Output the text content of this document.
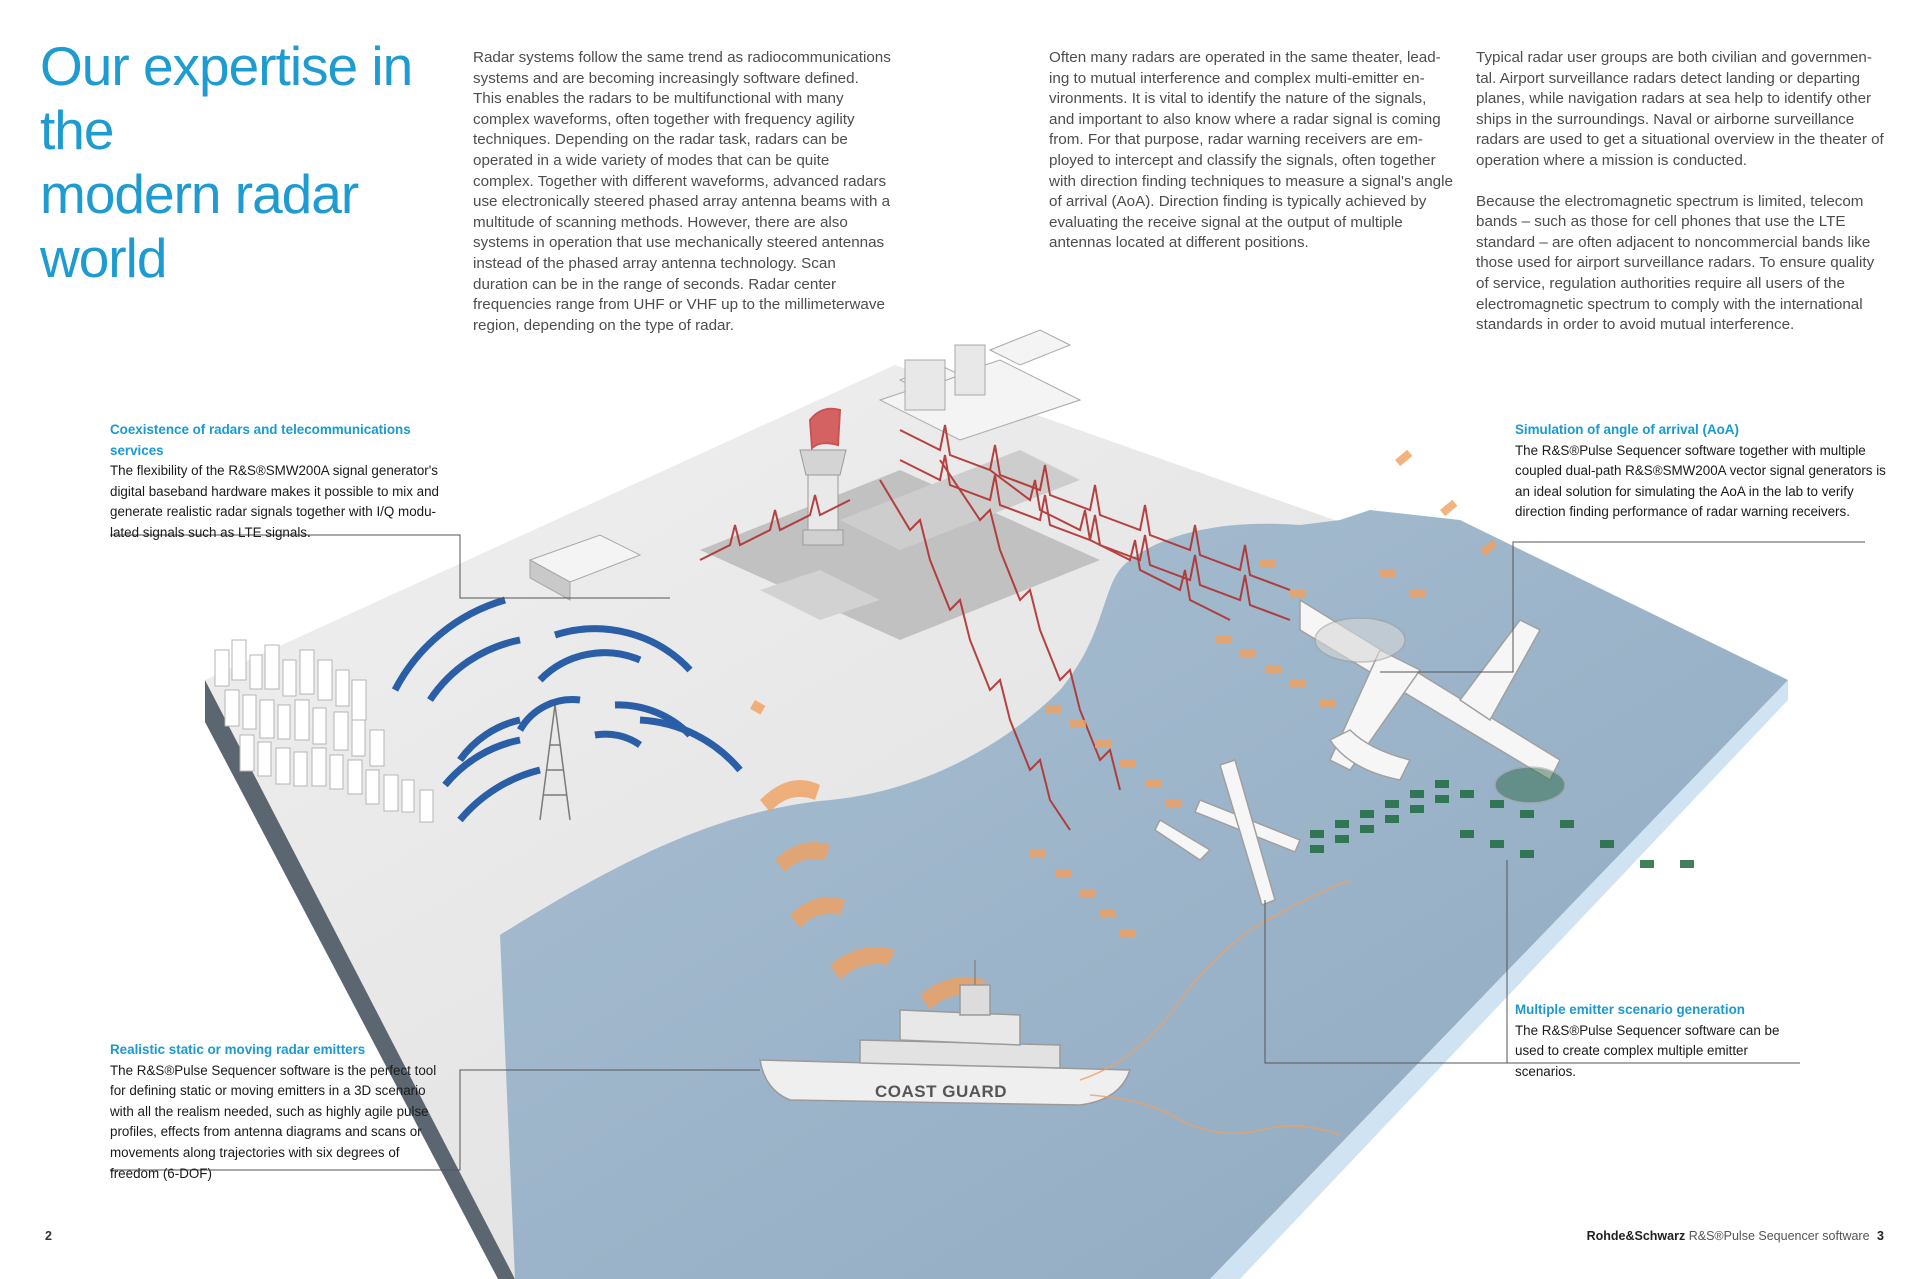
Our expertise in the
modern radar world

Radar systems follow the same trend as radiocommunications systems and are becoming increasingly software defined. This enables the radars to be multifunctional with many complex waveforms, often together with frequency agility techniques. Depending on the radar task, radars can be operated in a wide variety of modes that can be quite complex. Together with different waveforms, advanced radars use electronically steered phased array antenna beams with a multitude of scanning methods. However, there are also systems in operation that use mechanically steered antennas instead of the phased array antenna technology. Scan duration can be in the range of seconds. Radar center frequencies range from UHF or VHF up to the millimeterwave region, depending on the type of radar.

Often many radars are operated in the same theater, leading to mutual interference and complex multi-emitter environments. It is vital to identify the nature of the signals, and important to also know where a radar signal is coming from. For that purpose, radar warning receivers are employed to intercept and classify the signals, often together with direction finding techniques to measure a signal's angle of arrival (AoA). Direction finding is typically achieved by evaluating the receive signal at the output of multiple antennas located at different positions.

Typical radar user groups are both civilian and governmental. Airport surveillance radars detect landing or departing planes, while navigation radars at sea help to identify other ships in the surroundings. Naval or airborne surveillance radars are used to get a situational overview in the theater of operation where a mission is conducted.

Because the electromagnetic spectrum is limited, telecom bands – such as those for cell phones that use the LTE standard – are often adjacent to noncommercial bands like those used for airport surveillance radars. To ensure quality of service, regulation authorities require all users of the electromagnetic spectrum to comply with the international standards in order to avoid mutual interference.

COAST GUARD
Coexistence of radars and telecommunications services
The flexibility of the R&S®SMW200A signal generator's digital baseband hardware makes it possible to mix and generate realistic radar signals together with I/Q modulated signals such as LTE signals.
Simulation of angle of arrival (AoA)
The R&S®Pulse Sequencer software together with multiple coupled dual-path R&S®SMW200A vector signal generators is an ideal solution for simulating the AoA in the lab to verify direction finding performance of radar warning receivers.
Multiple emitter scenario generation
The R&S®Pulse Sequencer software can be used to create complex multiple emitter scenarios.
Realistic static or moving radar emitters
The R&S®Pulse Sequencer software is the perfect tool for defining static or moving emitters in a 3D scenario with all the realism needed, such as highly agile pulse profiles, effects from antenna diagrams and scans or movements along trajectories with six degrees of freedom (6-DOF)
2	Rohde&Schwarz R&S®Pulse Sequencer software 3
